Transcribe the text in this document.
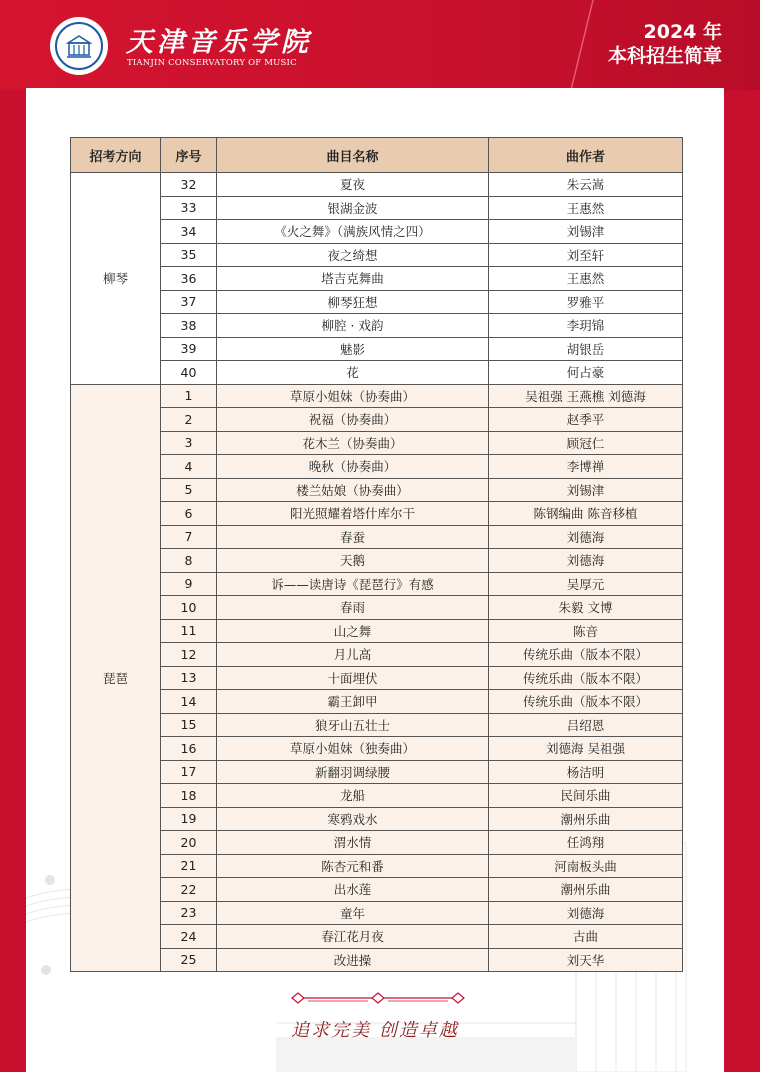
天津音乐学院
TIANJIN CONSERVATORY OF MUSIC
2024 年
本科招生简章
招考方向	序号	曲目名称	曲作者
柳琴	32	夏夜	朱云嵩
	33	银湖金波	王惠然
	34	《火之舞》（满族风情之四）	刘锡津
	35	夜之绮想	刘至轩
	36	塔吉克舞曲	王惠然
	37	柳琴狂想	罗雅平
	38	柳腔 · 戏韵	李玥锦
	39	魅影	胡银岳
	40	花	何占豪
琵琶	1	草原小姐妹（协奏曲）	吴祖强 王燕樵 刘德海
	2	祝福（协奏曲）	赵季平
	3	花木兰（协奏曲）	顾冠仁
	4	晚秋（协奏曲）	李博禅
	5	楼兰姑娘（协奏曲）	刘锡津
	6	阳光照耀着塔什库尔干	陈钢编曲 陈音移植
	7	春蚕	刘德海
	8	天鹅	刘德海
	9	诉——读唐诗《琵琶行》有感	吴厚元
	10	春雨	朱毅 文博
	11	山之舞	陈音
	12	月儿高	传统乐曲（版本不限）
	13	十面埋伏	传统乐曲（版本不限）
	14	霸王卸甲	传统乐曲（版本不限）
	15	狼牙山五壮士	吕绍恩
	16	草原小姐妹（独奏曲）	刘德海 吴祖强
	17	新翻羽调绿腰	杨洁明
	18	龙船	民间乐曲
	19	寒鸦戏水	潮州乐曲
	20	渭水情	任鸿翔
	21	陈杏元和番	河南板头曲
	22	出水莲	潮州乐曲
	23	童年	刘德海
	24	春江花月夜	古曲
	25	改进操	刘天华
追求完美 创造卓越
